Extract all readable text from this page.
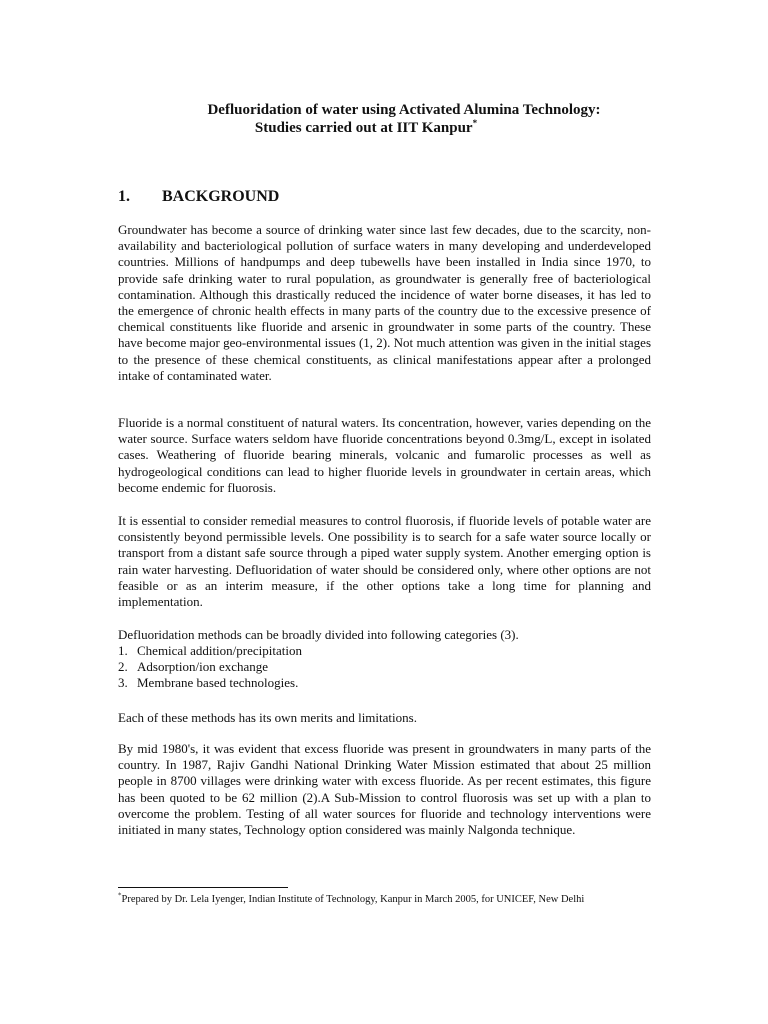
Defluoridation of water using Activated Alumina Technology:
Studies carried out at IIT Kanpur*
1. BACKGROUND

Groundwater has become a source of drinking water since last few decades, due to the scarcity, non-availability and bacteriological pollution of surface waters in many developing and underdeveloped countries. Millions of handpumps and deep tubewells have been installed in India since 1970, to provide safe drinking water to rural population, as groundwater is generally free of bacteriological contamination. Although this drastically reduced the incidence of water borne diseases, it has led to the emergence of chronic health effects in many parts of the country due to the excessive presence of chemical constituents like fluoride and arsenic in groundwater in some parts of the country. These have become major geo-environmental issues (1, 2). Not much attention was given in the initial stages to the presence of these chemical constituents, as clinical manifestations appear after a prolonged intake of contaminated water.

Fluoride is a normal constituent of natural waters. Its concentration, however, varies depending on the water source. Surface waters seldom have fluoride concentrations beyond 0.3mg/L, except in isolated cases. Weathering of fluoride bearing minerals, volcanic and fumarolic processes as well as hydrogeological conditions can lead to higher fluoride levels in groundwater in certain areas, which become endemic for fluorosis.

It is essential to consider remedial measures to control fluorosis, if fluoride levels of potable water are consistently beyond permissible levels. One possibility is to search for a safe water source locally or transport from a distant safe source through a piped water supply system. Another emerging option is rain water harvesting. Defluoridation of water should be considered only, where other options are not feasible or as an interim measure, if the other options take a long time for planning and implementation.

Defluoridation methods can be broadly divided into following categories (3).

1. Chemical addition/precipitation
2. Adsorption/ion exchange
3. Membrane based technologies.

Each of these methods has its own merits and limitations.

By mid 1980's, it was evident that excess fluoride was present in groundwaters in many parts of the country. In 1987, Rajiv Gandhi National Drinking Water Mission estimated that about 25 million people in 8700 villages were drinking water with excess fluoride. As per recent estimates, this figure has been quoted to be 62 million (2).A Sub-Mission to control fluorosis was set up with a plan to overcome the problem. Testing of all water sources for fluoride and technology interventions were initiated in many states, Technology option considered was mainly Nalgonda technique.

*Prepared by Dr. Lela Iyenger, Indian Institute of Technology, Kanpur in March 2005, for UNICEF, New Delhi
